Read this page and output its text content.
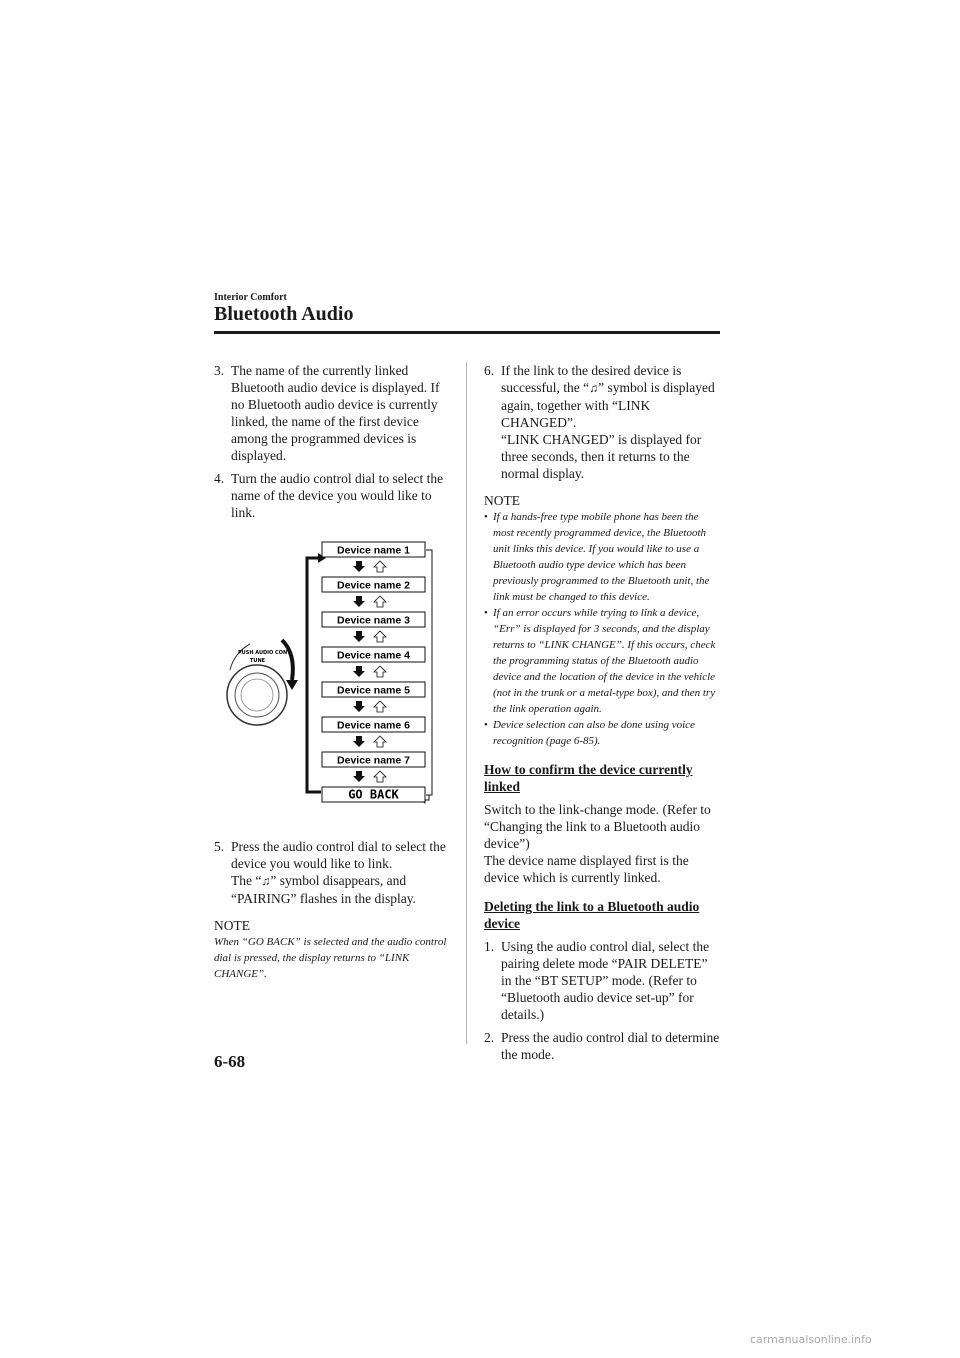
Interior Comfort
Bluetooth Audio
3. The name of the currently linked Bluetooth audio device is displayed. If no Bluetooth audio device is currently linked, the name of the first device among the programmed devices is displayed.
4. Turn the audio control dial to select the name of the device you would like to link.
5. Press the audio control dial to select the device you would like to link.
The “♫” symbol disappears, and “PAIRING” flashes in the display.
NOTE
When “GO BACK” is selected and the audio control dial is pressed, the display returns to “LINK CHANGE”.
PUSH AUDIO CONT
TUNE
Device name 1
Device name 2
Device name 3
Device name 4
Device name 5
Device name 6
Device name 7
GO BACK
6. If the link to the desired device is successful, the “♫” symbol is displayed again, together with “LINK CHANGED”.
“LINK CHANGED” is displayed for three seconds, then it returns to the normal display.
NOTE
• If a hands-free type mobile phone has been the most recently programmed device, the Bluetooth unit links this device. If you would like to use a Bluetooth audio type device which has been previously programmed to the Bluetooth unit, the link must be changed to this device.
• If an error occurs while trying to link a device, “Err” is displayed for 3 seconds, and the display returns to “LINK CHANGE”. If this occurs, check the programming status of the Bluetooth audio device and the location of the device in the vehicle (not in the trunk or a metal-type box), and then try the link operation again.
• Device selection can also be done using voice recognition (page 6-85).
How to confirm the device currently linked
Switch to the link-change mode. (Refer to “Changing the link to a Bluetooth audio device”)
The device name displayed first is the device which is currently linked.
Deleting the link to a Bluetooth audio device
1. Using the audio control dial, select the pairing delete mode “PAIR DELETE” in the “BT SETUP” mode. (Refer to “Bluetooth audio device set-up” for details.)
2. Press the audio control dial to determine the mode.
6-68
carmanualsonline.info
